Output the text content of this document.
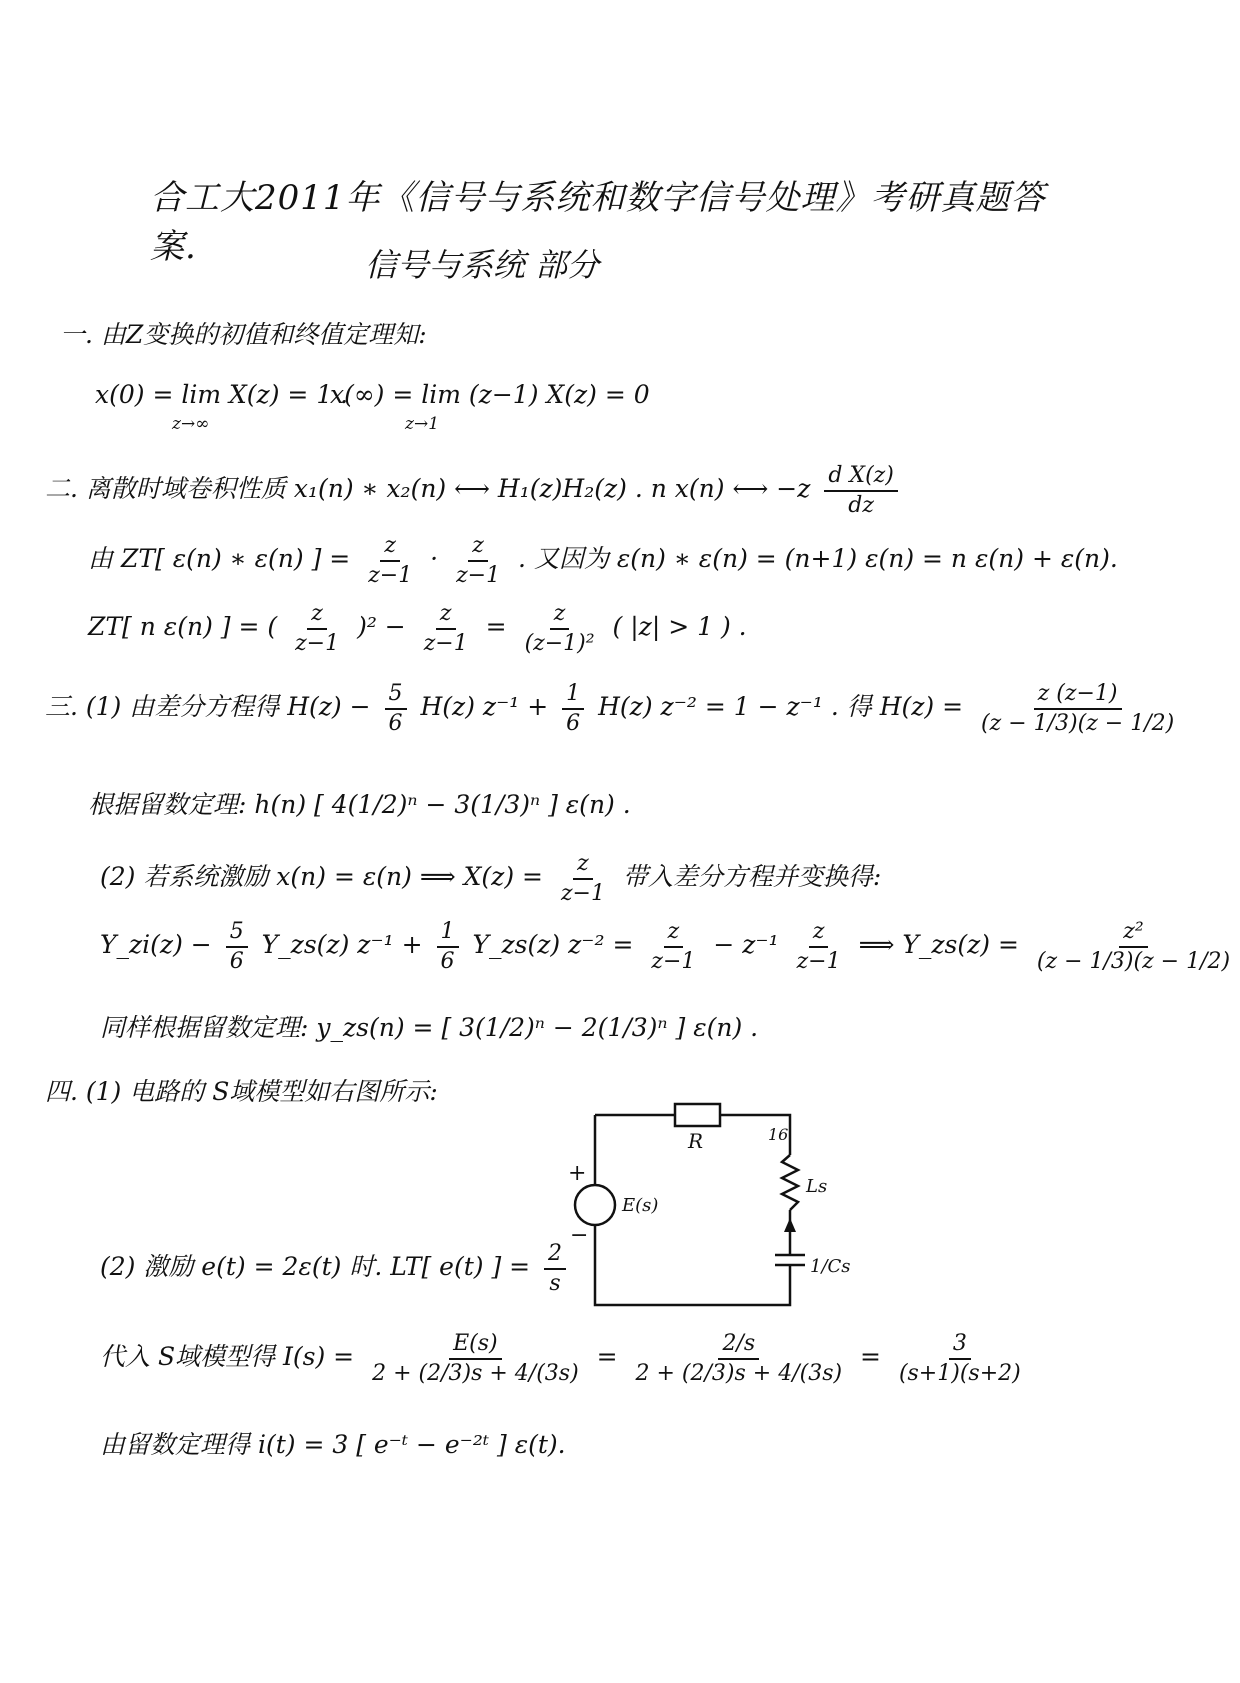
合工大2011年《信号与系统和数字信号处理》考研真题答案.	信号与系统 部分
一. 由Z变换的初值和终值定理知:
x(0) = lim X(z) = 1 .
z→∞
x(∞) = lim (z−1) X(z) = 0
z→1
二. 离散时域卷积性质 x₁(n) ∗ x₂(n) ⟷ H₁(z)H₂(z) . n x(n) ⟷ $-z \frac{\text{d X(z)}}{dz}$
由 ZT[ ε(n) ∗ ε(n) ] = $\frac{z}{z-1} \cdot \frac{z}{z-1}$ . 又因为 ε(n) ∗ ε(n) = (n+1) ε(n) = n ε(n) + ε(n).
ZT[ n ε(n) ] = ( $\frac{z}{z-1} )^2 - \frac{z}{z-1} = \frac{z}{\text{(z−1)²}}$ ( |z| > 1 ) .
三. (1) 由差分方程得 $H(z) - \frac{5}{6} H(z) z^{-1} + \frac{1}{6} H(z) z^{-2} = 1 - z^{-1}$ . 得 $H(z) = \frac{z (z-1)}{(z - 1/3)(z - 1/2)}$
根据留数定理: h(n) [ 4(1/2)ⁿ − 3(1/3)ⁿ ] ε(n) .
(2) 若系统激励 x(n) = ε(n) ⟹ $X(z) = \frac{z}{z-1}$ 带入差分方程并变换得:
Y_zi(z) − $\frac{5}{6}$ Y_zs(z) $z^{-1} + \frac{1}{6}$ Y_zs(z) $z^{-2} = \frac{z}{z-1} - z^{-1} \frac{z}{z-1}$ ⟹ Y_zs(z) = $\frac{\text{z²}}{(z - 1/3)(z - 1/2)}$
同样根据留数定理: y_zs(n) = [ 3(1/2)ⁿ − 2(1/3)ⁿ ] ε(n) .
四. (1) 电路的 S域模型如右图所示:
(2) 激励 e(t) = 2ε(t) 时. LT[ e(t) ] = $\frac{2}{s}$
代入 S域模型得 $I(s) = \frac{E(s)}{2 + (2/3)s + 4/(3s)} = \frac{2/s}{2 + (2/3)s + 4/(3s)} = \frac{3}{(s+1)(s+2)}$
由留数定理得 i(t) = 3 [ e⁻ᵗ − e⁻²ᵗ ] ε(t).
R
E(s)
+
−
16
Ls
1/Cs
